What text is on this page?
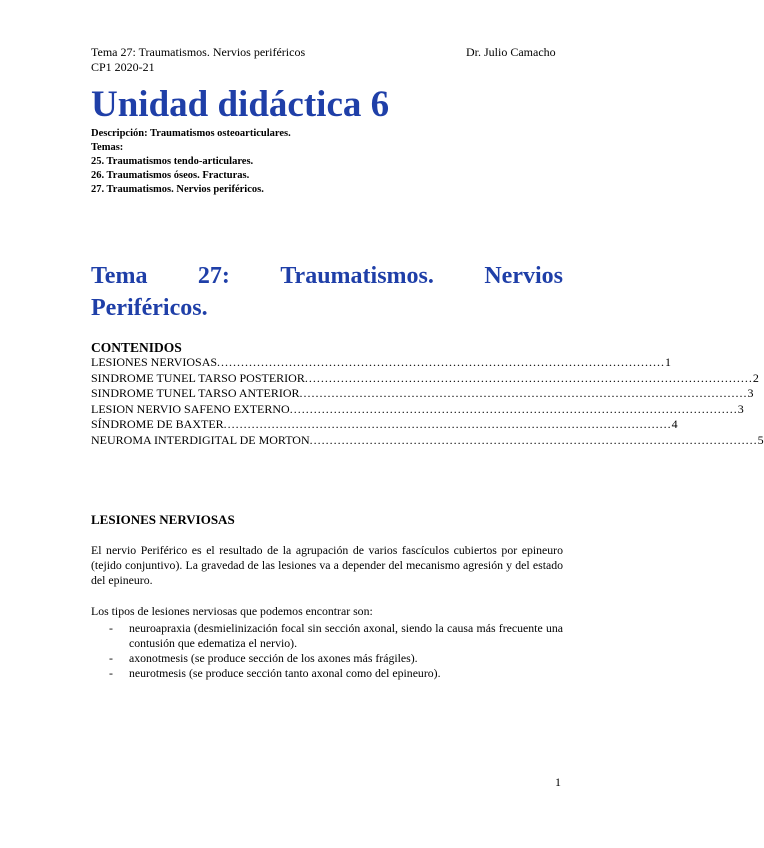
Tema 27: Traumatismos. Nervios periféricos	Dr. Julio Camacho
CP1 2020-21
Unidad didáctica 6
Descripción: Traumatismos osteoarticulares.
Temas:
25. Traumatismos tendo-articulares.
26. Traumatismos óseos. Fracturas.
27. Traumatismos. Nervios periféricos.
Tema 27: Traumatismos. Nervios
Periféricos.
CONTENIDOS
LESIONES NERVIOSAS ................................................................................................................ 1
SINDROME TUNEL TARSO POSTERIOR ................................................................................................................ 2
SINDROME TUNEL TARSO ANTERIOR ................................................................................................................ 3
LESION NERVIO SAFENO EXTERNO ................................................................................................................ 3
SÍNDROME DE BAXTER ................................................................................................................ 4
NEUROMA INTERDIGITAL DE MORTON ................................................................................................................ 5
LESIONES NERVIOSAS

El nervio Periférico es el resultado de la agrupación de varios fascículos cubiertos por epineuro (tejido conjuntivo). La gravedad de las lesiones va a depender del mecanismo agresión y del estado del epineuro.

Los tipos de lesiones nerviosas que podemos encontrar son:

- neuroapraxia (desmielinización focal sin sección axonal, siendo la causa más frecuente una contusión que edematiza el nervio).
- axonotmesis (se produce sección de los axones más frágiles).
- neurotmesis (se produce sección tanto axonal como del epineuro).
1
